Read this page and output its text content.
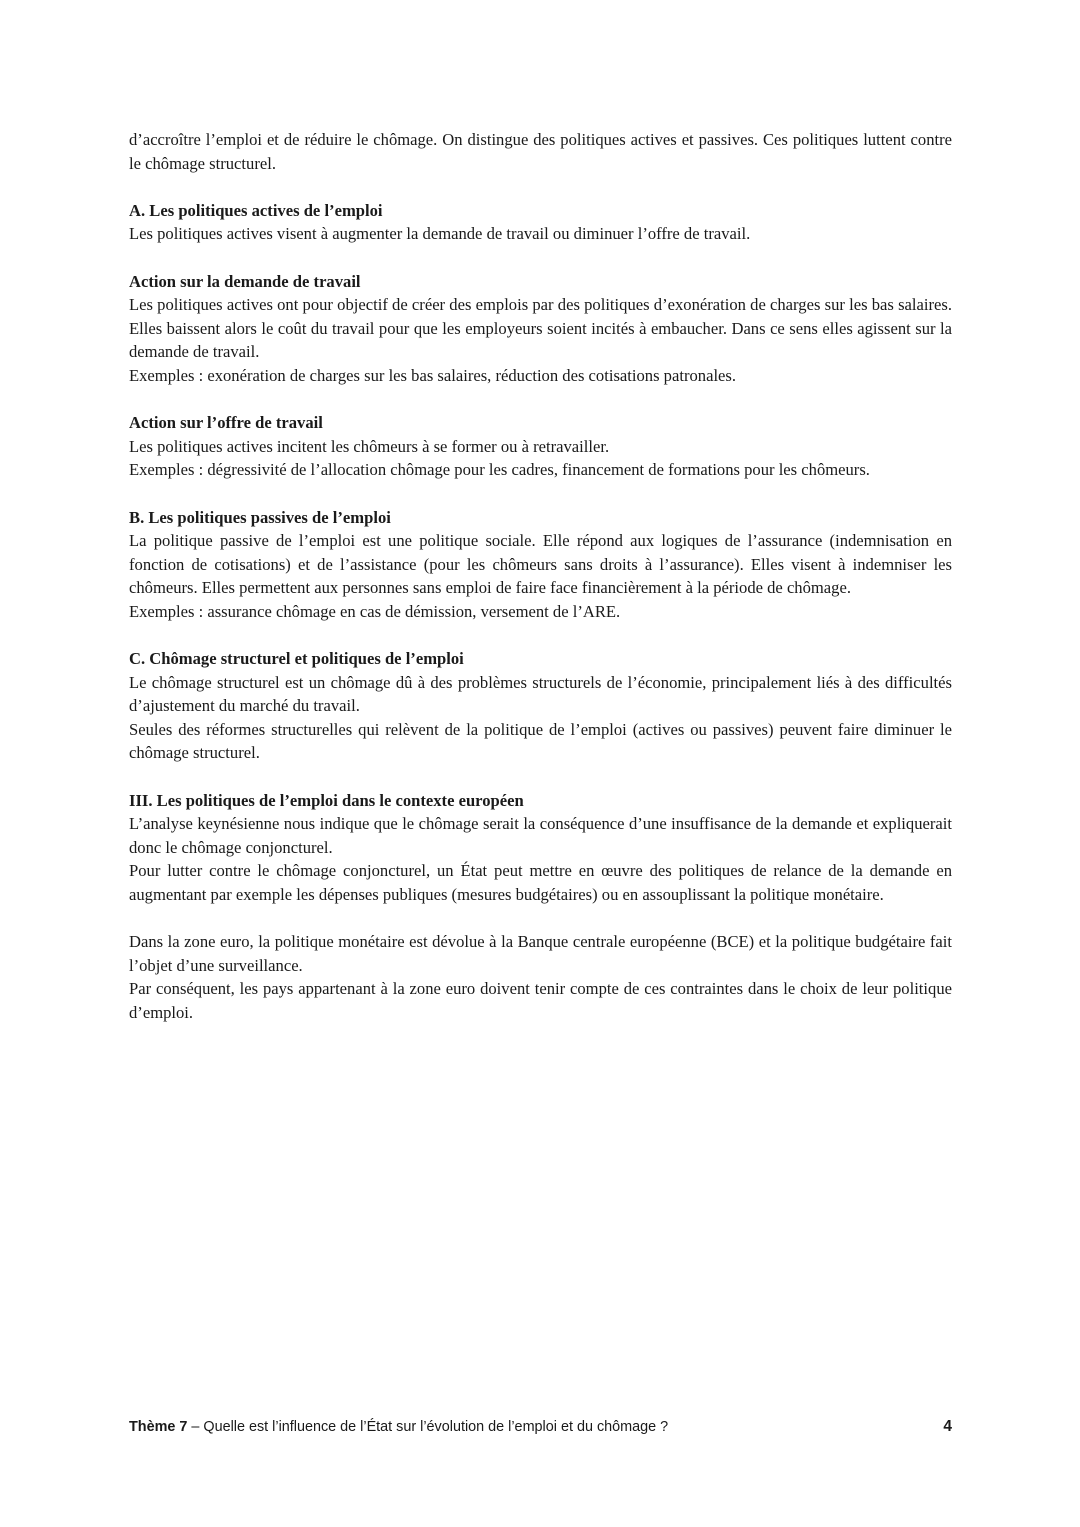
d’accroître l’emploi et de réduire le chômage. On distingue des politiques actives et passives. Ces politiques luttent contre le chômage structurel.

A. Les politiques actives de l’emploi

Les politiques actives visent à augmenter la demande de travail ou diminuer l’offre de travail.

Action sur la demande de travail

Les politiques actives ont pour objectif de créer des emplois par des politiques d’exonération de charges sur les bas salaires. Elles baissent alors le coût du travail pour que les employeurs soient incités à embaucher. Dans ce sens elles agissent sur la demande de travail.

Exemples : exonération de charges sur les bas salaires, réduction des cotisations patronales.

Action sur l’offre de travail

Les politiques actives incitent les chômeurs à se former ou à retravailler.

Exemples : dégressivité de l’allocation chômage pour les cadres, financement de formations pour les chômeurs.

B. Les politiques passives de l’emploi

La politique passive de l’emploi est une politique sociale. Elle répond aux logiques de l’assurance (indemnisation en fonction de cotisations) et de l’assistance (pour les chômeurs sans droits à l’assurance). Elles visent à indemniser les chômeurs. Elles permettent aux personnes sans emploi de faire face financièrement à la période de chômage.

Exemples : assurance chômage en cas de démission, versement de l’ARE.

C. Chômage structurel et politiques de l’emploi

Le chômage structurel est un chômage dû à des problèmes structurels de l’économie, principalement liés à des difficultés d’ajustement du marché du travail.

Seules des réformes structurelles qui relèvent de la politique de l’emploi (actives ou passives) peuvent faire diminuer le chômage structurel.

III. Les politiques de l’emploi dans le contexte européen

L’analyse keynésienne nous indique que le chômage serait la conséquence d’une insuffisance de la demande et expliquerait donc le chômage conjoncturel.

Pour lutter contre le chômage conjoncturel, un État peut mettre en œuvre des politiques de relance de la demande en augmentant par exemple les dépenses publiques (mesures budgétaires) ou en assouplissant la politique monétaire.

Dans la zone euro, la politique monétaire est dévolue à la Banque centrale européenne (BCE) et la politique budgétaire fait l’objet d’une surveillance.

Par conséquent, les pays appartenant à la zone euro doivent tenir compte de ces contraintes dans le choix de leur politique d’emploi.

Thème 7 – Quelle est l’influence de l’État sur l’évolution de l’emploi et du chômage ?	4
